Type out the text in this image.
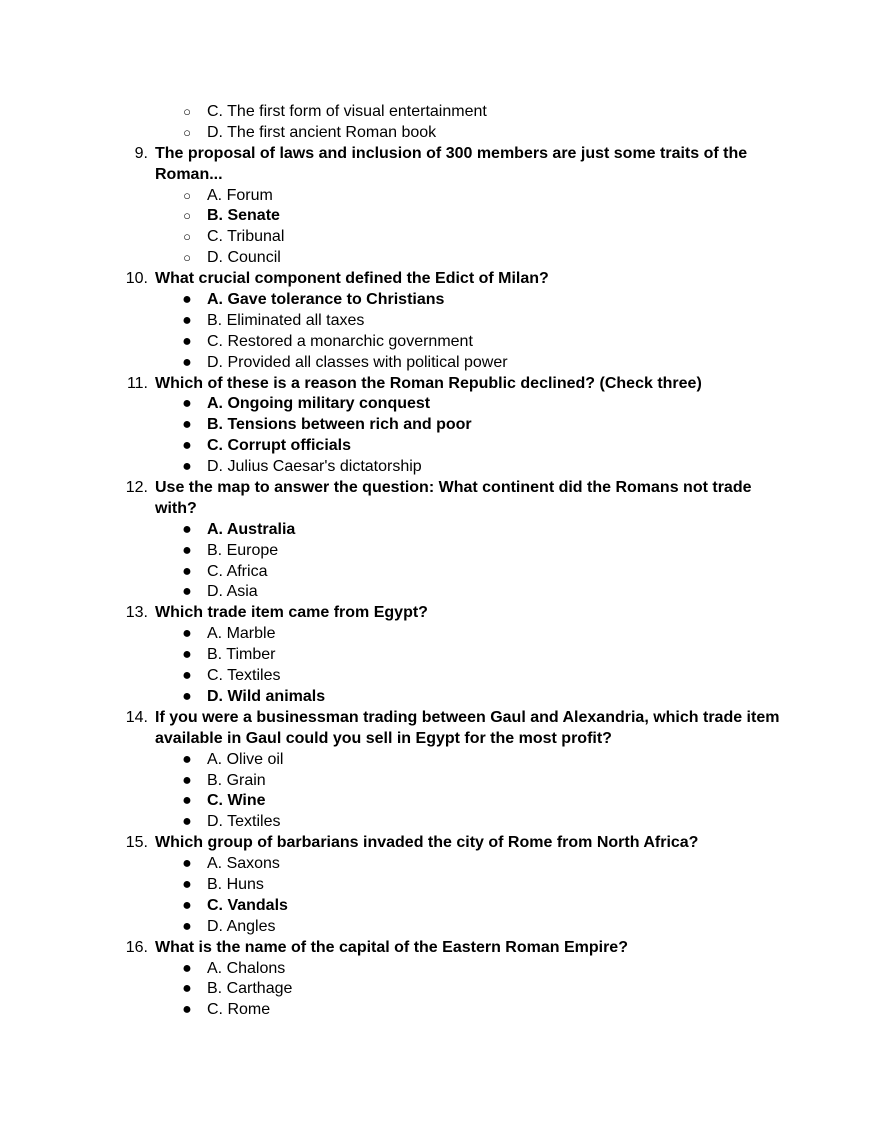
○ C. The first form of visual entertainment
○ D. The first ancient Roman book
9. The proposal of laws and inclusion of 300 members are just some traits of the
Roman...
○ A. Forum
○ B. Senate
○ C. Tribunal
○ D. Council
10. What crucial component defined the Edict of Milan?
● A. Gave tolerance to Christians
● B. Eliminated all taxes
● C. Restored a monarchic government
● D. Provided all classes with political power
11. Which of these is a reason the Roman Republic declined? (Check three)
● A. Ongoing military conquest
● B. Tensions between rich and poor
● C. Corrupt officials
● D. Julius Caesar's dictatorship
12. Use the map to answer the question: What continent did the Romans not trade
with?
● A. Australia
● B. Europe
● C. Africa
● D. Asia
13. Which trade item came from Egypt?
● A. Marble
● B. Timber
● C. Textiles
● D. Wild animals
14. If you were a businessman trading between Gaul and Alexandria, which trade item
available in Gaul could you sell in Egypt for the most profit?
● A. Olive oil
● B. Grain
● C. Wine
● D. Textiles
15. Which group of barbarians invaded the city of Rome from North Africa?
● A. Saxons
● B. Huns
● C. Vandals
● D. Angles
16. What is the name of the capital of the Eastern Roman Empire?
● A. Chalons
● B. Carthage
● C. Rome
